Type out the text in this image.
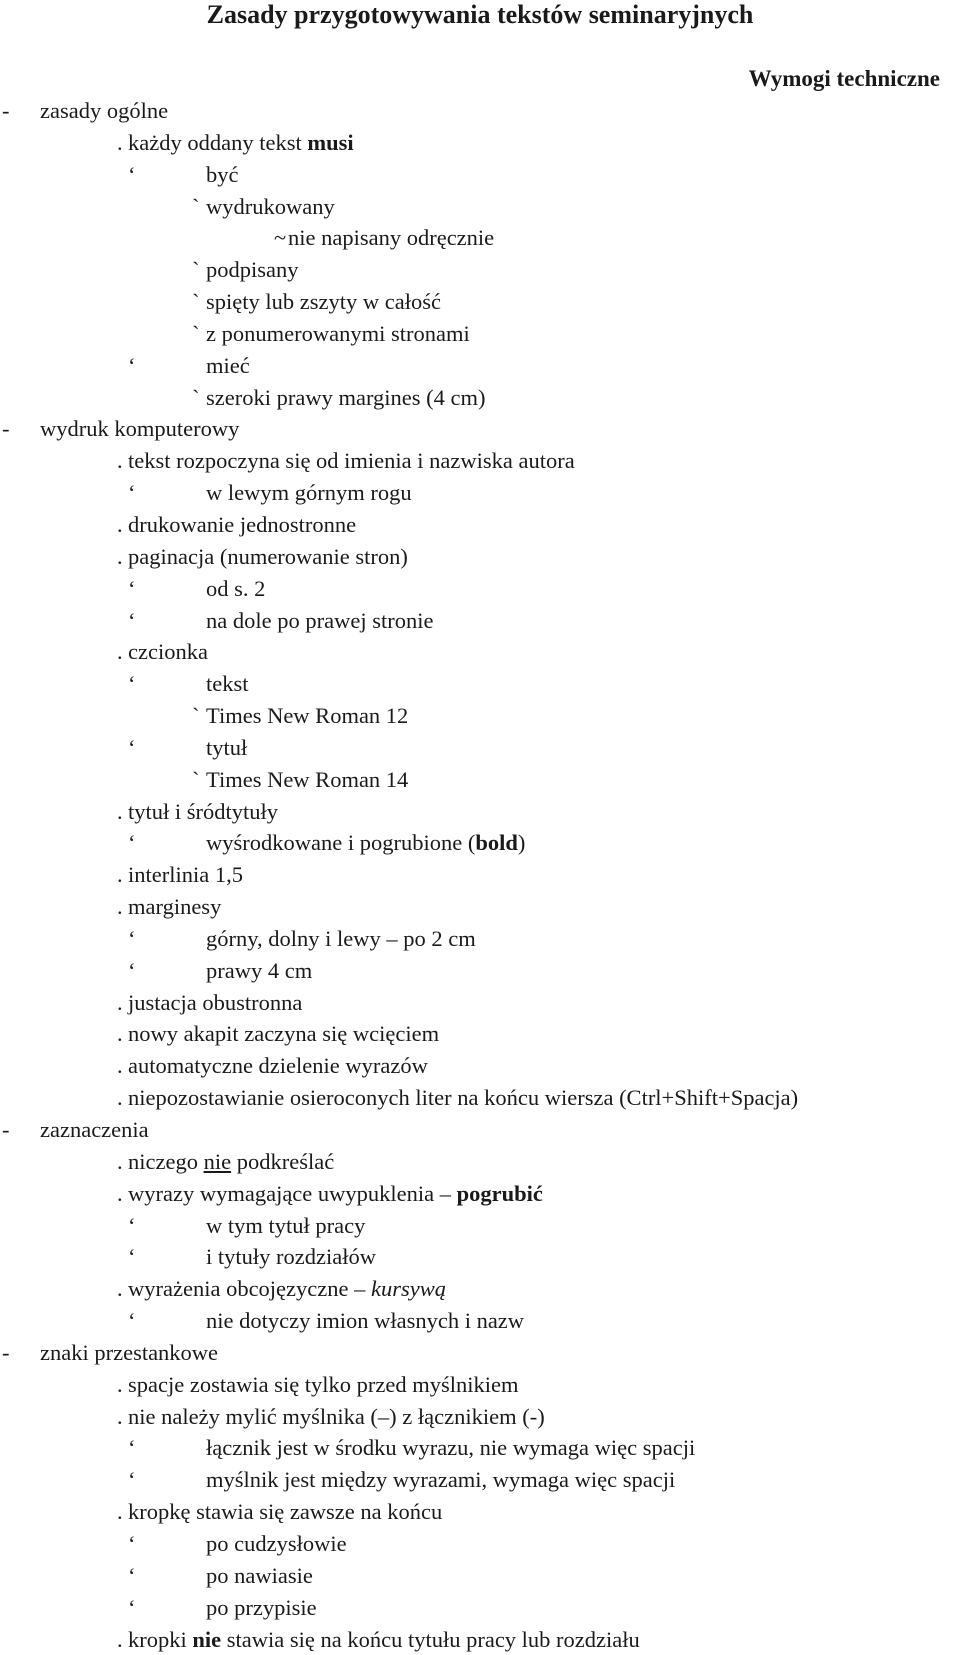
Zasady przygotowywania tekstów seminaryjnych
Wymogi techniczne
- zasady ogólne
. każdy oddany tekst musi
‘	być
` wydrukowany
~ nie napisany odręcznie
` podpisany
` spięty lub zszyty w całość
` z ponumerowanymi stronami
‘	mieć
` szeroki prawy margines (4 cm)
- wydruk komputerowy
. tekst rozpoczyna się od imienia i nazwiska autora
‘	w lewym górnym rogu
. drukowanie jednostronne
. paginacja (numerowanie stron)
‘	od s. 2
‘	na dole po prawej stronie
. czcionka
‘	tekst
` Times New Roman 12
‘	tytuł
` Times New Roman 14
. tytuł i śródtytuły
‘	wyśrodkowane i pogrubione (bold)
. interlinia 1,5
. marginesy
‘	górny, dolny i lewy – po 2 cm
‘	prawy 4 cm
. justacja obustronna
. nowy akapit zaczyna się wcięciem
. automatyczne dzielenie wyrazów
. niepozostawianie osieroconych liter na końcu wiersza (Ctrl+Shift+Spacja)
- zaznaczenia
. niczego nie podkreślać
. wyrazy wymagające uwypuklenia – pogrubić
‘	w tym tytuł pracy
‘	i tytuły rozdziałów
. wyrażenia obcojęzyczne – kursywą
‘	nie dotyczy imion własnych i nazw
- znaki przestankowe
. spacje zostawia się tylko przed myślnikiem
. nie należy mylić myślnika (–) z łącznikiem (-)
‘	łącznik jest w środku wyrazu, nie wymaga więc spacji
‘	myślnik jest między wyrazami, wymaga więc spacji
. kropkę stawia się zawsze na końcu
‘	po cudzysłowie
‘	po nawiasie
‘	po przypisie
. kropki nie stawia się na końcu tytułu pracy lub rozdziału
